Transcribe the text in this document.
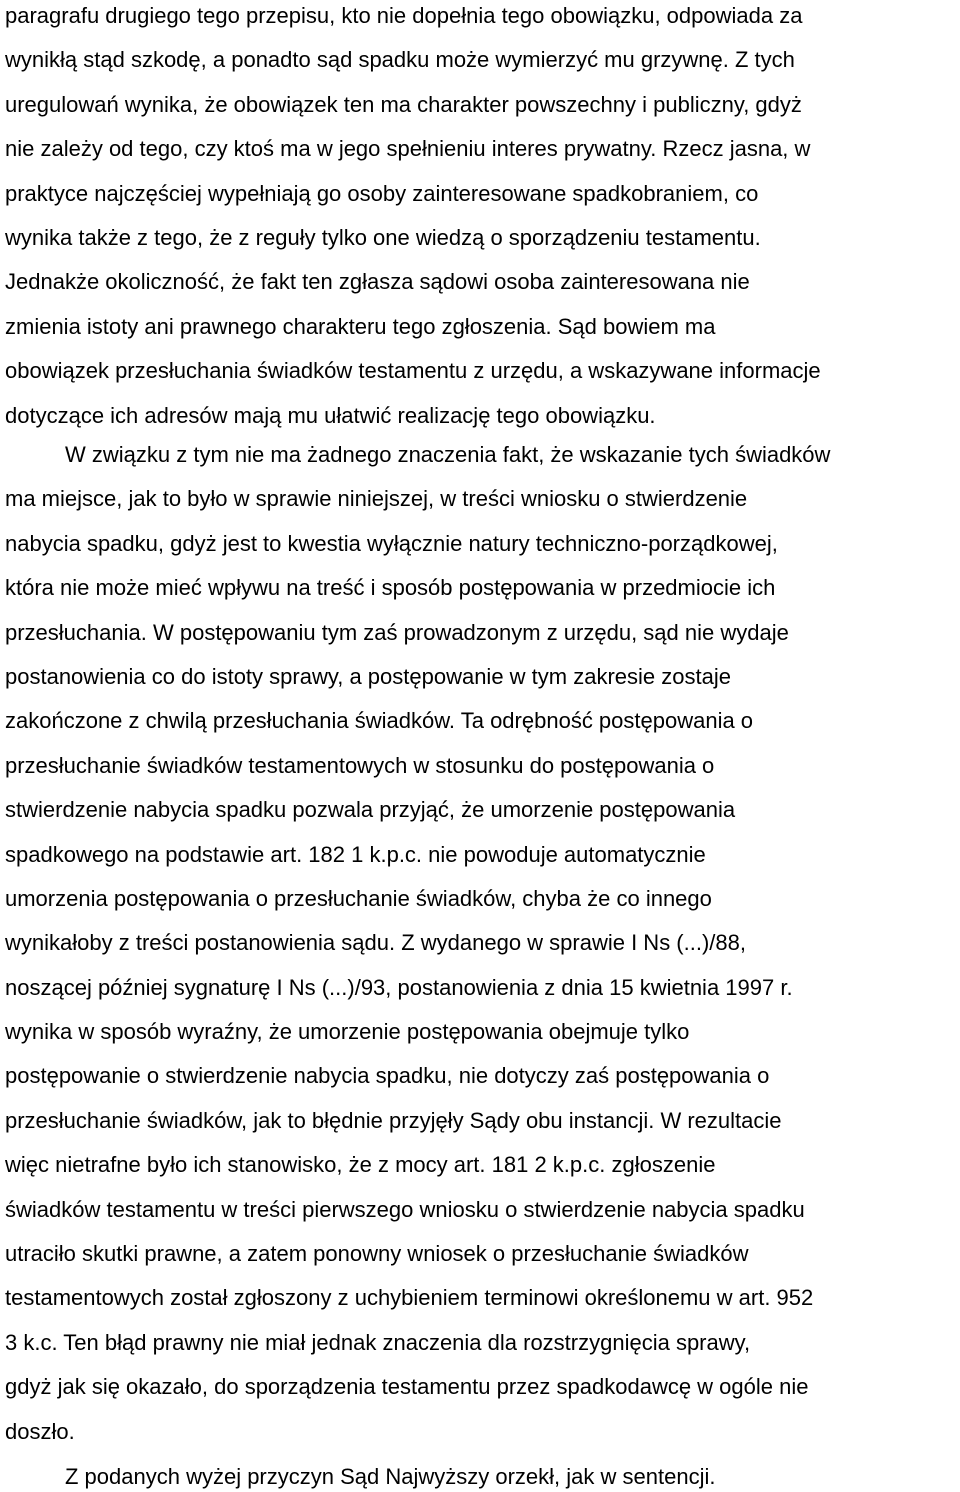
paragrafu drugiego tego przepisu, kto nie dopełnia tego obowiązku, odpowiada za
wynikłą stąd szkodę, a ponadto sąd spadku może wymierzyć mu grzywnę. Z tych
uregulowań wynika, że obowiązek ten ma charakter powszechny i publiczny, gdyż
nie zależy od tego, czy ktoś ma w jego spełnieniu interes prywatny. Rzecz jasna, w
praktyce najczęściej wypełniają go osoby zainteresowane spadkobraniem, co
wynika także z tego, że z reguły tylko one wiedzą o sporządzeniu testamentu.
Jednakże okoliczność, że fakt ten zgłasza sądowi osoba zainteresowana nie
zmienia istoty ani prawnego charakteru tego zgłoszenia. Sąd bowiem ma
obowiązek przesłuchania świadków testamentu z urzędu, a wskazywane informacje
dotyczące ich adresów mają mu ułatwić realizację tego obowiązku.
W związku z tym nie ma żadnego znaczenia fakt, że wskazanie tych świadków
ma miejsce, jak to było w sprawie niniejszej, w treści wniosku o stwierdzenie
nabycia spadku, gdyż jest to kwestia wyłącznie natury techniczno-porządkowej,
która nie może mieć wpływu na treść i sposób postępowania w przedmiocie ich
przesłuchania. W postępowaniu tym zaś prowadzonym z urzędu, sąd nie wydaje
postanowienia co do istoty sprawy, a postępowanie w tym zakresie zostaje
zakończone z chwilą przesłuchania świadków. Ta odrębność postępowania o
przesłuchanie świadków testamentowych w stosunku do postępowania o
stwierdzenie nabycia spadku pozwala przyjąć, że umorzenie postępowania
spadkowego na podstawie art. 182 1 k.p.c. nie powoduje automatycznie
umorzenia postępowania o przesłuchanie świadków, chyba że co innego
wynikałoby z treści postanowienia sądu. Z wydanego w sprawie I Ns (...)/88,
noszącej później sygnaturę I Ns (...)/93, postanowienia z dnia 15 kwietnia 1997 r.
wynika w sposób wyraźny, że umorzenie postępowania obejmuje tylko
postępowanie o stwierdzenie nabycia spadku, nie dotyczy zaś postępowania o
przesłuchanie świadków, jak to błędnie przyjęły Sądy obu instancji. W rezultacie
więc nietrafne było ich stanowisko, że z mocy art. 181 2 k.p.c. zgłoszenie
świadków testamentu w treści pierwszego wniosku o stwierdzenie nabycia spadku
utraciło skutki prawne, a zatem ponowny wniosek o przesłuchanie świadków
testamentowych został zgłoszony z uchybieniem terminowi określonemu w art. 952
3 k.c. Ten błąd prawny nie miał jednak znaczenia dla rozstrzygnięcia sprawy,
gdyż jak się okazało, do sporządzenia testamentu przez spadkodawcę w ogóle nie
doszło.
Z podanych wyżej przyczyn Sąd Najwyższy orzekł, jak w sentencji.
